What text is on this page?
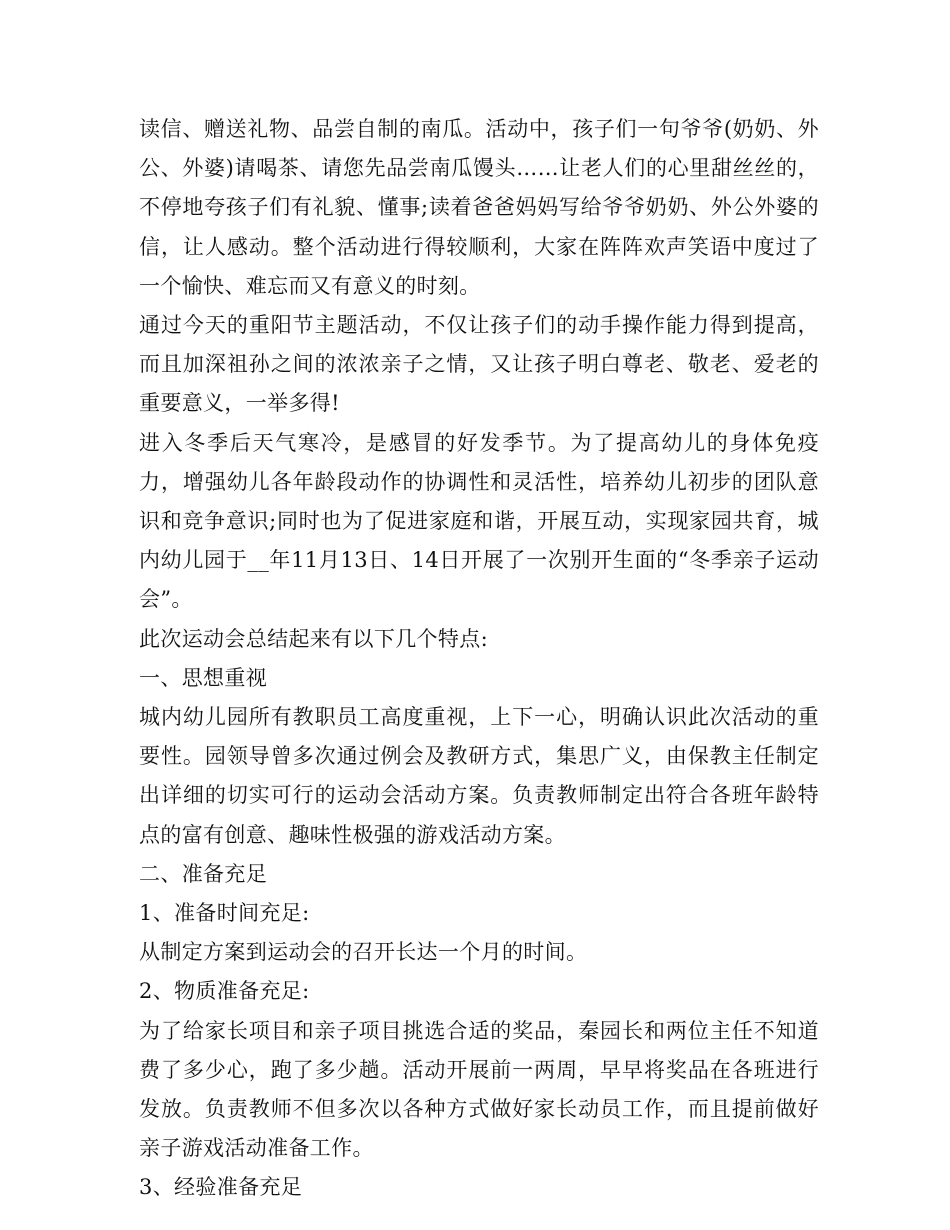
读信、赠送礼物、品尝自制的南瓜。活动中，孩子们一句爷爷(奶奶、外公、外婆)请喝茶、请您先品尝南瓜馒头……让老人们的心里甜丝丝的，不停地夸孩子们有礼貌、懂事;读着爸爸妈妈写给爷爷奶奶、外公外婆的信，让人感动。整个活动进行得较顺利，大家在阵阵欢声笑语中度过了一个愉快、难忘而又有意义的时刻。

通过今天的重阳节主题活动，不仅让孩子们的动手操作能力得到提高，而且加深祖孙之间的浓浓亲子之情，又让孩子明白尊老、敬老、爱老的重要意义，一举多得!

进入冬季后天气寒冷，是感冒的好发季节。为了提高幼儿的身体免疫力，增强幼儿各年龄段动作的协调性和灵活性，培养幼儿初步的团队意识和竞争意识;同时也为了促进家庭和谐，开展互动，实现家园共育，城内幼儿园于__年11月13日、14日开展了一次别开生面的“冬季亲子运动会”。

此次运动会总结起来有以下几个特点:

一、思想重视

城内幼儿园所有教职员工高度重视，上下一心，明确认识此次活动的重要性。园领导曾多次通过例会及教研方式，集思广义，由保教主任制定出详细的切实可行的运动会活动方案。负责教师制定出符合各班年龄特点的富有创意、趣味性极强的游戏活动方案。

二、准备充足

1、准备时间充足:

从制定方案到运动会的召开长达一个月的时间。

2、物质准备充足:

为了给家长项目和亲子项目挑选合适的奖品，秦园长和两位主任不知道费了多少心，跑了多少趟。活动开展前一两周，早早将奖品在各班进行发放。负责教师不但多次以各种方式做好家长动员工作，而且提前做好亲子游戏活动准备工作。

3、经验准备充足
